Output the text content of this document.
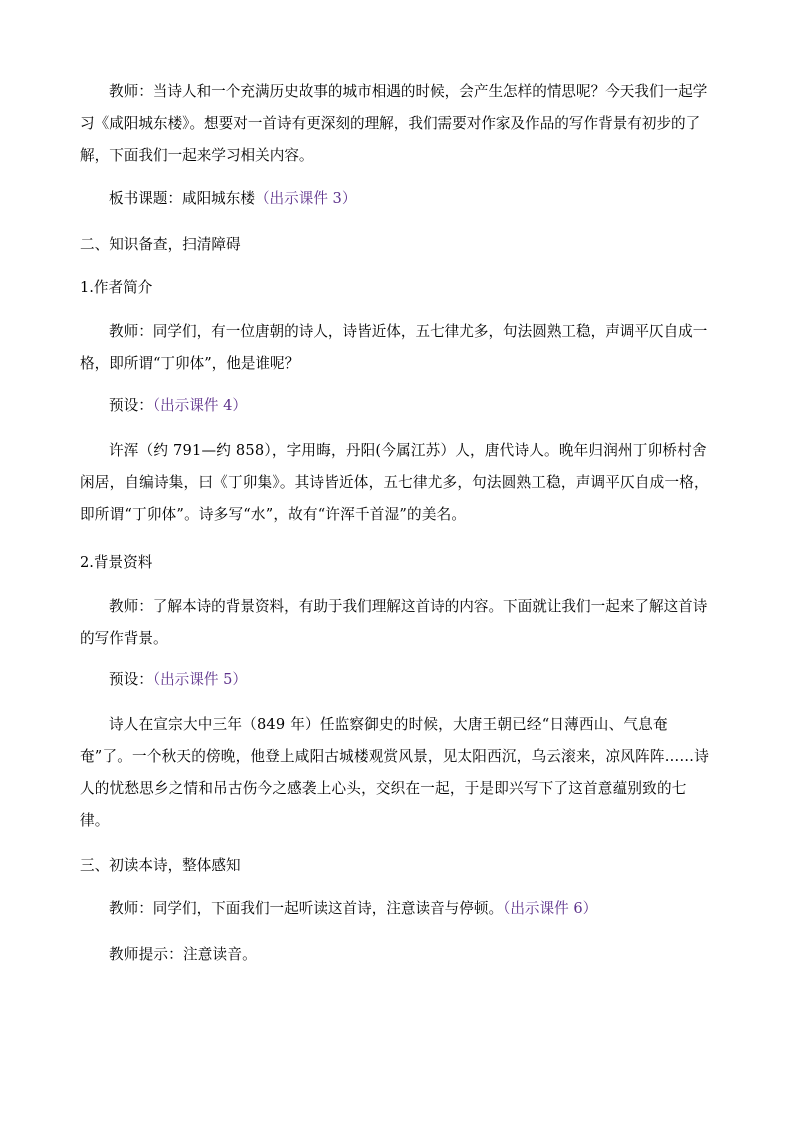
教师：当诗人和一个充满历史故事的城市相遇的时候，会产生怎样的情思呢？今天我们一起学习《咸阳城东楼》。想要对一首诗有更深刻的理解，我们需要对作家及作品的写作背景有初步的了解，下面我们一起来学习相关内容。

板书课题：咸阳城东楼（出示课件 3）

二、知识备查，扫清障碍

1.作者简介

教师：同学们，有一位唐朝的诗人，诗皆近体，五七律尤多，句法圆熟工稳，声调平仄自成一格，即所谓“丁卯体”，他是谁呢？

预设：（出示课件 4）

许浑（约 791—约 858），字用晦，丹阳(今属江苏）人，唐代诗人。晚年归润州丁卯桥村舍闲居，自编诗集，曰《丁卯集》。其诗皆近体，五七律尤多，句法圆熟工稳，声调平仄自成一格，即所谓“丁卯体”。诗多写“水”，故有“许浑千首湿”的美名。

2.背景资料

教师：了解本诗的背景资料，有助于我们理解这首诗的内容。下面就让我们一起来了解这首诗的写作背景。

预设：（出示课件 5）

诗人在宣宗大中三年（849 年）任监察御史的时候，大唐王朝已经“日薄西山、气息奄奄”了。一个秋天的傍晚，他登上咸阳古城楼观赏风景，见太阳西沉，乌云滚来，凉风阵阵……诗人的忧愁思乡之情和吊古伤今之感袭上心头，交织在一起，于是即兴写下了这首意蕴别致的七律。

三、初读本诗，整体感知

教师：同学们，下面我们一起听读这首诗，注意读音与停顿。（出示课件 6）

教师提示：注意读音。
